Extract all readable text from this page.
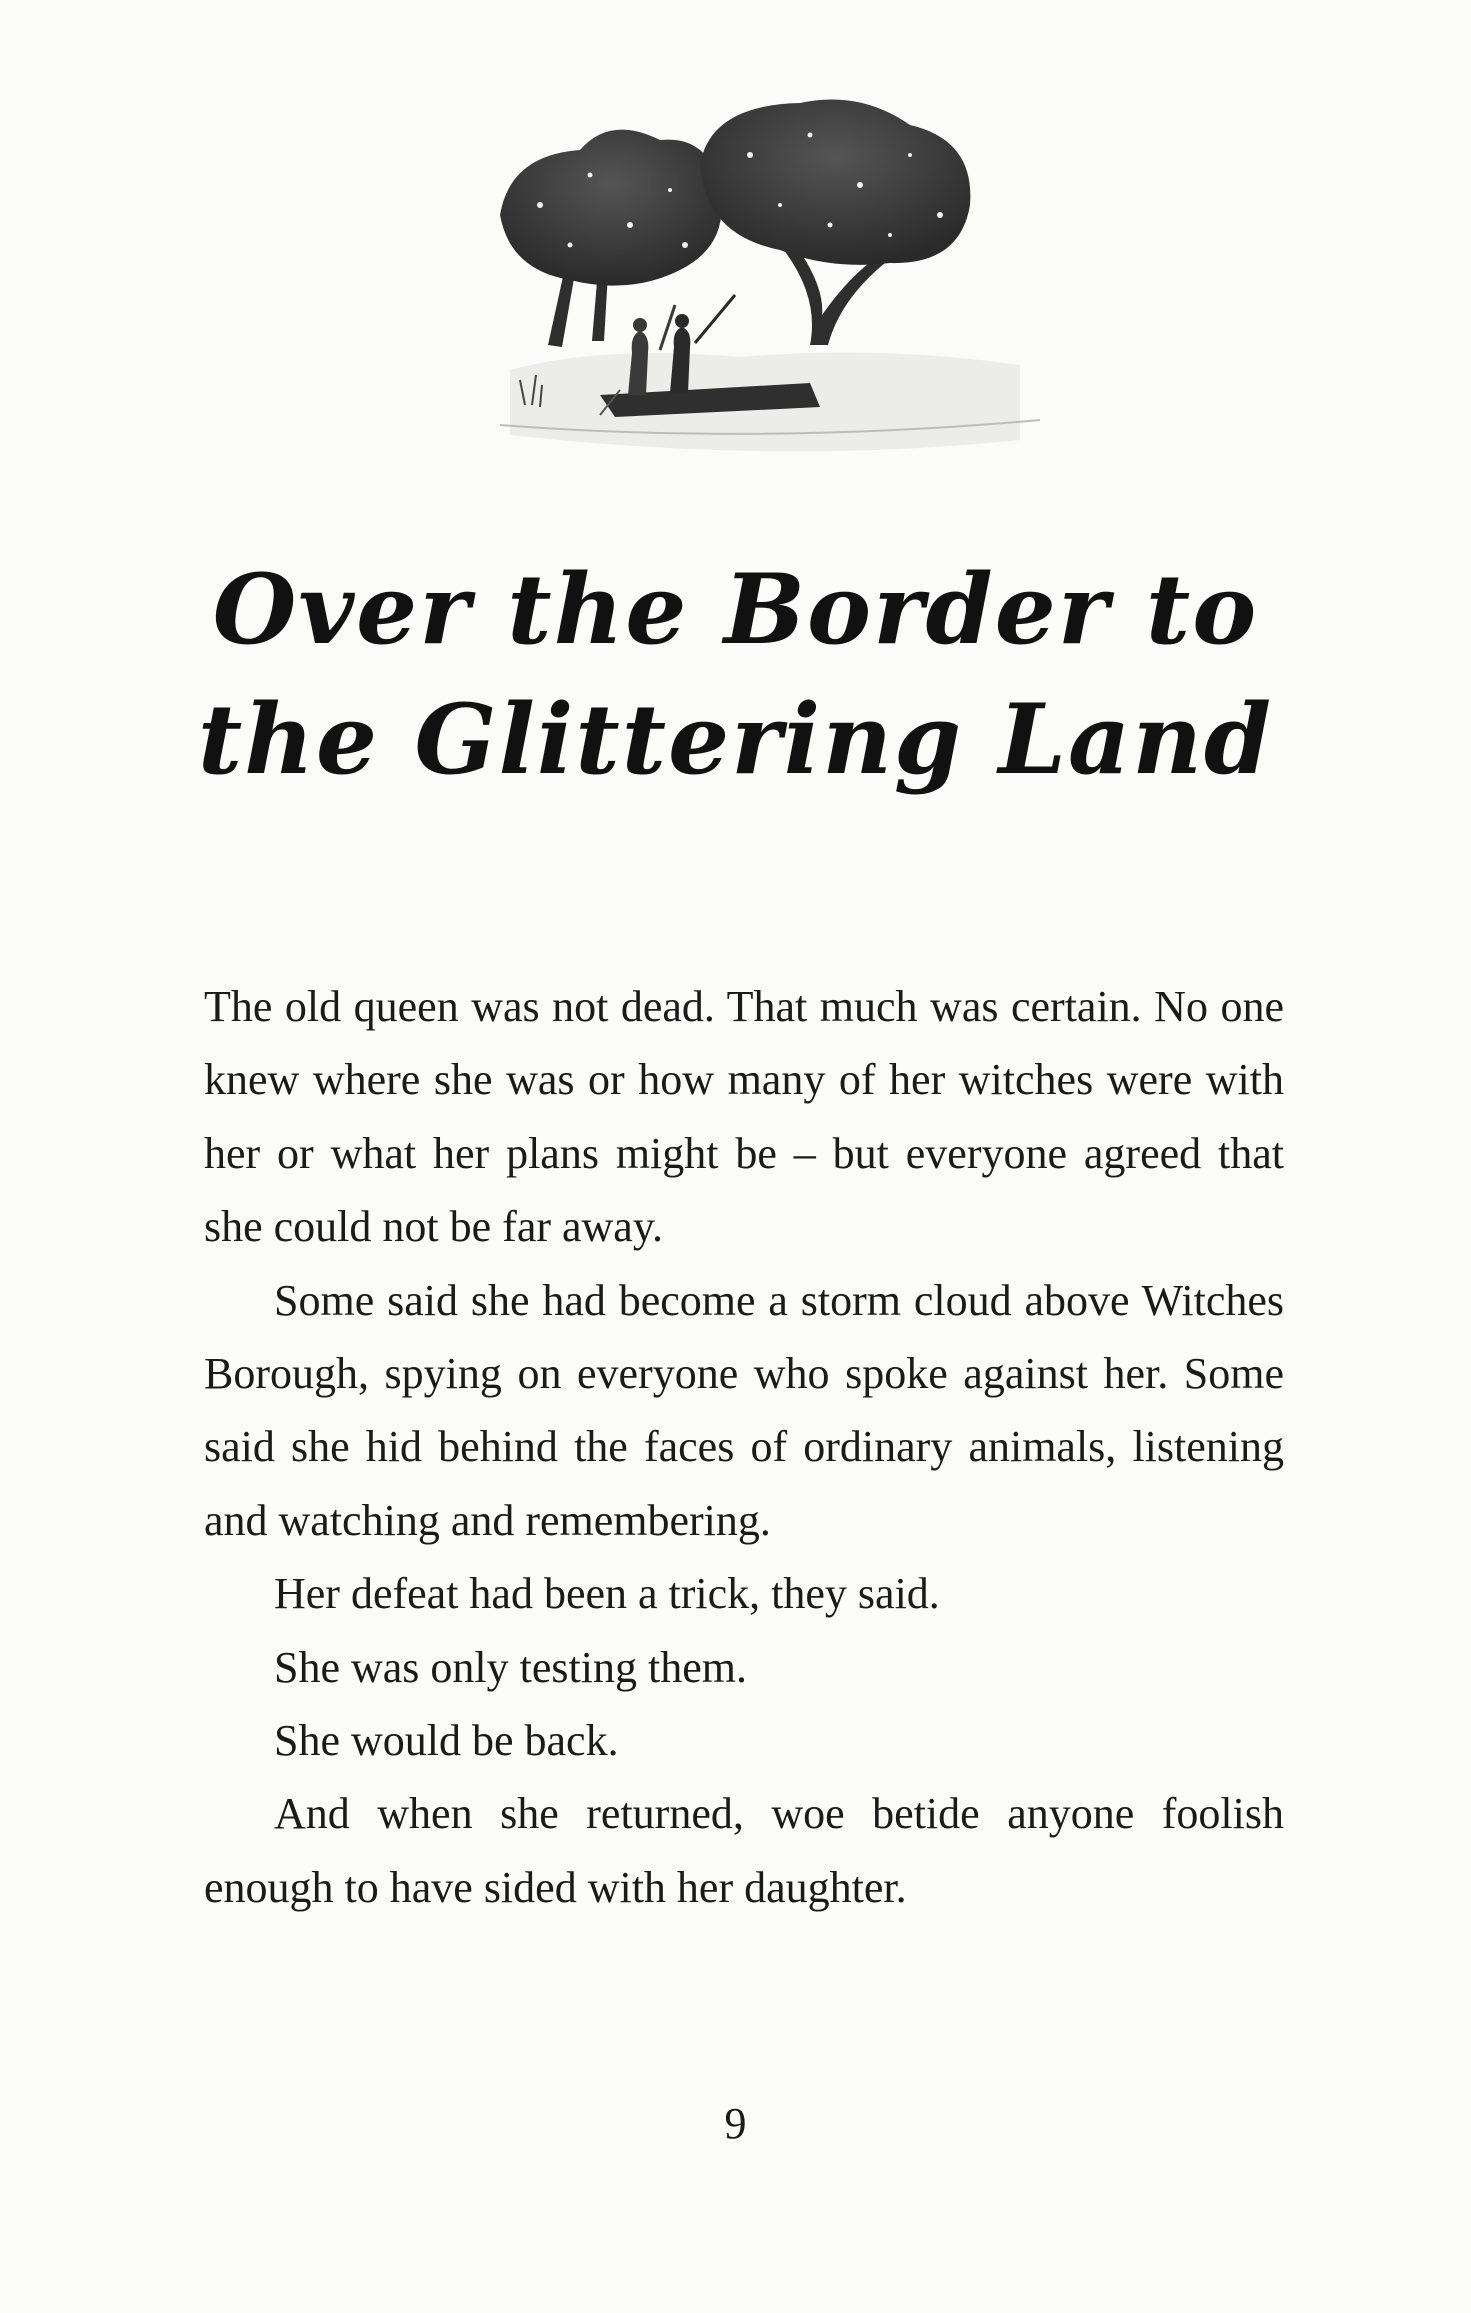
Over the Border to
the Glittering Land

The old queen was not dead. That much was certain. No one knew where she was or how many of her witches were with her or what her plans might be – but everyone agreed that she could not be far away.

Some said she had become a storm cloud above Witches Borough, spying on everyone who spoke against her. Some said she hid behind the faces of ordinary animals, listening and watching and remembering.

Her defeat had been a trick, they said.

She was only testing them.

She would be back.

And when she returned, woe betide anyone foolish enough to have sided with her daughter.

9
